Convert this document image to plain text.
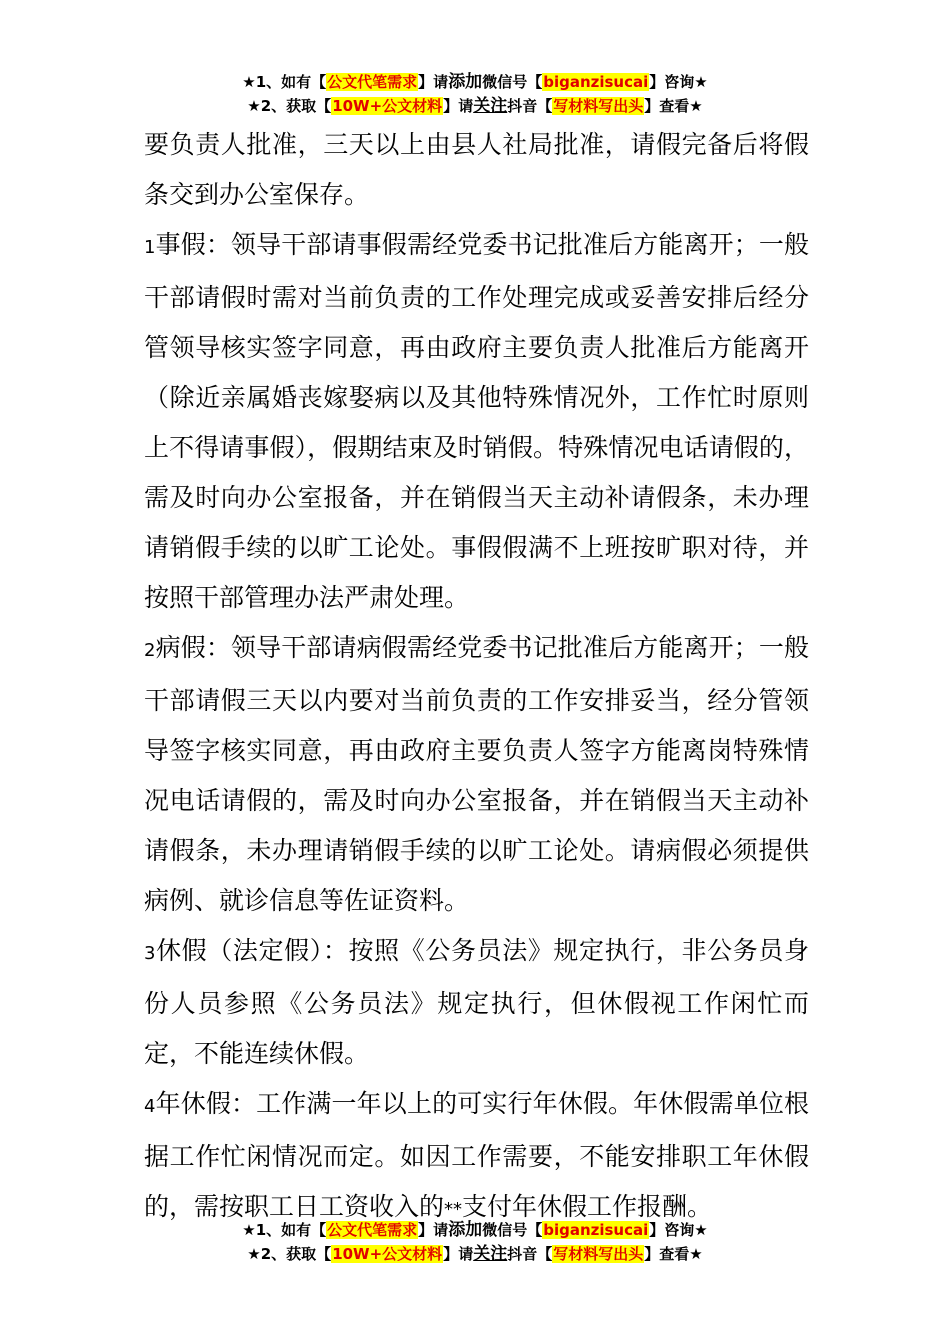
★1、如有【公文代笔需求】请添加微信号【biganzisucai】咨询★
★2、获取【10W+公文材料】请关注抖音【写材料写出头】查看★

要负责人批准，三天以上由县人社局批准，请假完备后将假条交到办公室保存。

1事假：领导干部请事假需经党委书记批准后方能离开；一般干部请假时需对当前负责的工作处理完成或妥善安排后经分管领导核实签字同意，再由政府主要负责人批准后方能离开（除近亲属婚丧嫁娶病以及其他特殊情况外，工作忙时原则上不得请事假），假期结束及时销假。特殊情况电话请假的，需及时向办公室报备，并在销假当天主动补请假条，未办理请销假手续的以旷工论处。事假假满不上班按旷职对待，并按照干部管理办法严肃处理。

2病假：领导干部请病假需经党委书记批准后方能离开；一般干部请假三天以内要对当前负责的工作安排妥当，经分管领导签字核实同意，再由政府主要负责人签字方能离岗特殊情况电话请假的，需及时向办公室报备，并在销假当天主动补请假条，未办理请销假手续的以旷工论处。请病假必须提供病例、就诊信息等佐证资料。

3休假（法定假）：按照《公务员法》规定执行，非公务员身份人员参照《公务员法》规定执行，但休假视工作闲忙而定，不能连续休假。

4年休假：工作满一年以上的可实行年休假。年休假需单位根据工作忙闲情况而定。如因工作需要，不能安排职工年休假的，需按职工日工资收入的**支付年休假工作报酬。

★1、如有【公文代笔需求】请添加微信号【biganzisucai】咨询★
★2、获取【10W+公文材料】请关注抖音【写材料写出头】查看★
